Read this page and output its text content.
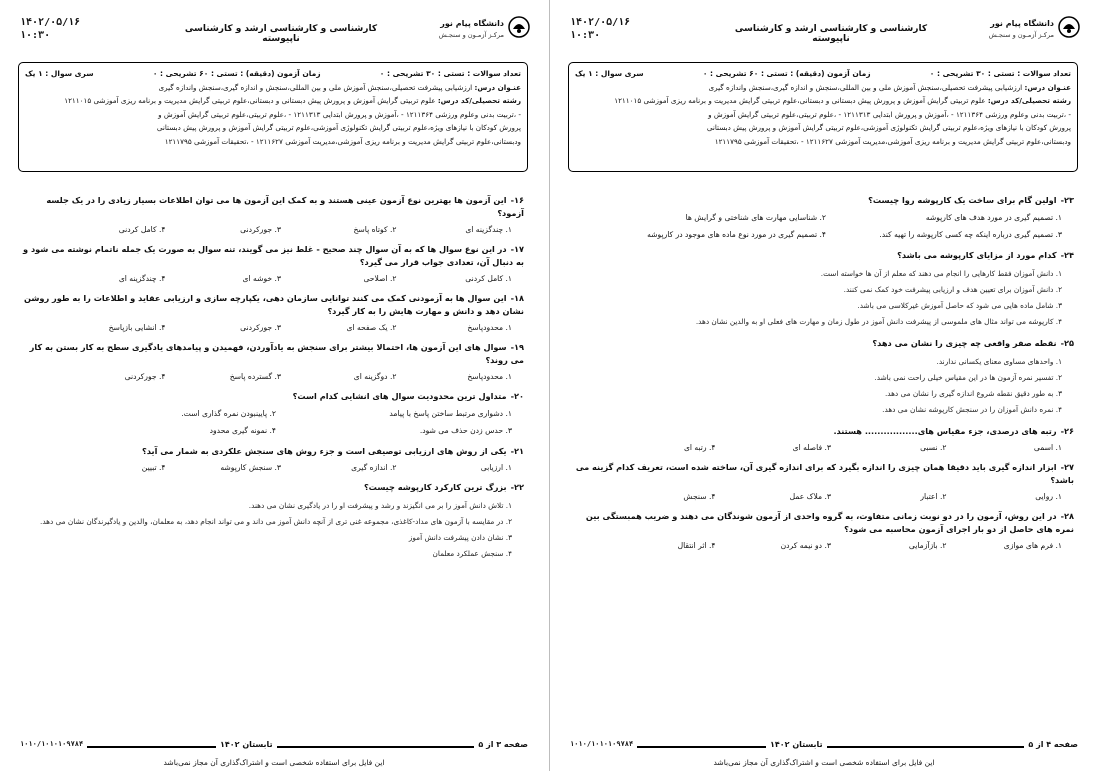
دانشگاه پیام نور
مرکـز آزمـون و سنجـش
کارشناسی و کارشناسی ارشد و کارشناسی ناپیوسته
۱۴۰۲/۰۵/۱۶
۱۰:۳۰
تعداد سوالات : تستی : ۳۰ تشریحی : ۰
زمان آزمون (دقیقه) : تستی : ۶۰ تشریحی : ۰
سری سوال : ۱ یک

عنـوان درس: ارزشیابی پیشرفت تحصیلی،سنجش آموزش ملی و بین المللی،سنجش و اندازه گیری،سنجش واندازه گیری

رشته تحصیلی/کد درس: علوم تربیتی گرایش آموزش و پرورش پیش دبستانی و دبستانی،علوم تربیتی گرایش مدیریت و برنامه ریزی آموزشی ۱۲۱۱۰۱۵

- ،تربیت بدنی وعلوم ورزشی ۱۲۱۱۳۶۴ - ،آموزش و پرورش ابتدایی ۱۲۱۱۳۱۳ - ،علوم تربیتی،علوم تربیتی گرایش آموزش و

پرورش کودکان با نیازهای ویژه،علوم تربیتی گرایش تکنولوژی آموزشی،علوم تربیتی گرایش آموزش و پرورش پیش دبستانی

ودبستانی،علوم تربیتی گرایش مدیریت و برنامه ریزی آموزشی،مدیریت آموزشی ۱۲۱۱۶۲۷ - ،تحقیقات آموزشی ۱۲۱۱۷۹۵

۱۶-این آزمون ها بهترین نوع آزمون عینی هستند و به کمک این آزمون ها می توان اطلاعات بسیار زیادی را در یک جلسه آزمود؟
۱. چندگزینه ای
۲. کوتاه پاسخ
۳. جورکردنی
۴. کامل کردنی
۱۷-در این نوع سوال ها که به آن سوال چند صحیح - غلط نیز می گویند، تنه سوال به صورت یک جمله ناتمام نوشته می شود و به دنبال آن، تعدادی جواب قرار می گیرد؟
۱. کامل کردنی
۲. اصلاحی
۳. خوشه ای
۴. چندگزینه ای
۱۸-این سوال ها به آزمودنی کمک می کنند توانایی سازمان دهی، یکپارچه سازی و ارزیابی عقاید و اطلاعات را به طور روشن نشان دهد و دانش و مهارت هایش را به کار گیرد؟
۱. محدودپاسخ
۲. یک صفحه ای
۳. جورکردنی
۴. انشایی بازپاسخ
۱۹-سوال های این آزمون ها، احتمالا بیشتر برای سنجش به یادآوردن، فهمیدن و پیامدهای یادگیری سطح به کار بستن به کار می روند؟
۱. محدودپاسخ
۲. دوگزینه ای
۳. گسترده پاسخ
۴. جورکردنی
۲۰-متداول ترین محدودیت سوال های انشایی کدام است؟
۱. دشواری مرتبط ساختن پاسخ با پیامد
۲. پایینبودن نمره گذاری است.
۳. حدس زدن حذف می شود.
۴. نمونه گیری محدود
۲۱-یکی از روش های ارزیابی توصیفی است و جزء روش های سنجش علکردی به شمار می آید؟
۱. ارزیابی
۲. اندازه گیری
۳. سنجش کارپوشه
۴. تبیین
۲۲-بزرگ ترین کارکرد کارپوشه چیست؟
۱. تلاش دانش آموز را بر می انگیزند و رشد و پیشرفت او را در یادگیری نشان می دهند.
۲. در مقایسه با آزمون های مداد-کاغذی، مجموعه غنی تری از آنچه دانش آموز می داند و می تواند انجام دهد، به معلمان، والدین و یادگیرندگان نشان می دهد.
۳. نشان دادن پیشرفت دانش آموز
۴. سنجش عملکرد معلمان
صفحه ۳ از ۵
تابستان ۱۴۰۲
۱۰۱۰/۱۰۱۰۱۰۹۷۸۴
این فایل برای استفاده شخصی است و اشتراک‌گذاری آن مجاز نمی‌باشد
دانشگاه پیام نور
مرکـز آزمـون و سنجـش
کارشناسی و کارشناسی ارشد و کارشناسی ناپیوسته
۱۴۰۲/۰۵/۱۶
۱۰:۳۰
تعداد سوالات : تستی : ۳۰ تشریحی : ۰
زمان آزمون (دقیقه) : تستی : ۶۰ تشریحی : ۰
سری سوال : ۱ یک

عنـوان درس: ارزشیابی پیشرفت تحصیلی،سنجش آموزش ملی و بین المللی،سنجش و اندازه گیری،سنجش واندازه گیری

رشته تحصیلی/کد درس: علوم تربیتی گرایش آموزش و پرورش پیش دبستانی و دبستانی،علوم تربیتی گرایش مدیریت و برنامه ریزی آموزشی ۱۲۱۱۰۱۵

- ،تربیت بدنی وعلوم ورزشی ۱۲۱۱۳۶۴ - ،آموزش و پرورش ابتدایی ۱۲۱۱۳۱۳ - ،علوم تربیتی،علوم تربیتی گرایش آموزش و

پرورش کودکان با نیازهای ویژه،علوم تربیتی گرایش تکنولوژی آموزشی،علوم تربیتی گرایش آموزش و پرورش پیش دبستانی

ودبستانی،علوم تربیتی گرایش مدیریت و برنامه ریزی آموزشی،مدیریت آموزشی ۱۲۱۱۶۲۷ - ،تحقیقات آموزشی ۱۲۱۱۷۹۵

۲۳-اولین گام برای ساخت یک کارپوشه روا چیست؟
۱. تصمیم گیری در مورد هدف های کارپوشه
۲. شناسایی مهارت های شناختی و گرایش ها
۳. تصمیم گیری درباره اینکه چه کسی کارپوشه را تهیه کند.
۴. تصمیم گیری در مورد نوع ماده های موجود در کارپوشه
۲۴-کدام مورد از مزایای کارپوشه می باشد؟
۱. دانش آموزان فقط کارهایی را انجام می دهند که معلم از آن ها خواسته است.
۲. دانش آموزان برای تعیین هدف و ارزیابی پیشرفت خود کمک نمی کنند.
۳. شامل ماده هایی می شود که حاصل آموزش غیرکلاسی می باشد.
۴. کارپوشه می تواند مثال های ملموسی از پیشرفت دانش آموز در طول زمان و مهارت های فعلی او به والدین نشان دهد.
۲۵-نقطه صفر واقعی چه چیزی را نشان می دهد؟
۱. واحدهای مساوی معنای یکسانی ندارند.
۲. تفسیر نمره آزمون ها در این مقیاس خیلی راحت نمی باشد.
۳. به طور دقیق نقطه شروع اندازه گیری را نشان می دهد.
۴. نمره دانش آموزان را در سنجش کارپوشه نشان می دهد.
۲۶-رتبه های درصدی، جزء مقیاس های................. هستند.
۱. اسمی
۲. نسبی
۳. فاصله ای
۴. رتبه ای
۲۷-ابزار اندازه گیری باید دقیقا همان چیزی را اندازه بگیرد که برای اندازه گیری آن، ساخته شده است، تعریف کدام گزینه می باشد؟
۱. روایی
۲. اعتبار
۳. ملاک عمل
۴. سنجش
۲۸-در این روش، آزمون را در دو نوبت زمانی متفاوت، به گروه واحدی از آزمون شوندگان می دهند و ضریب همبستگی بین نمره های حاصل از دو بار اجرای آزمون محاسبه می شود؟
۱. فرم های موازی
۲. بازآزمایی
۳. دو نیمه کردن
۴. اثر انتقال
صفحه ۴ از ۵
تابستان ۱۴۰۲
۱۰۱۰/۱۰۱۰۱۰۹۷۸۴
این فایل برای استفاده شخصی است و اشتراک‌گذاری آن مجاز نمی‌باشد
